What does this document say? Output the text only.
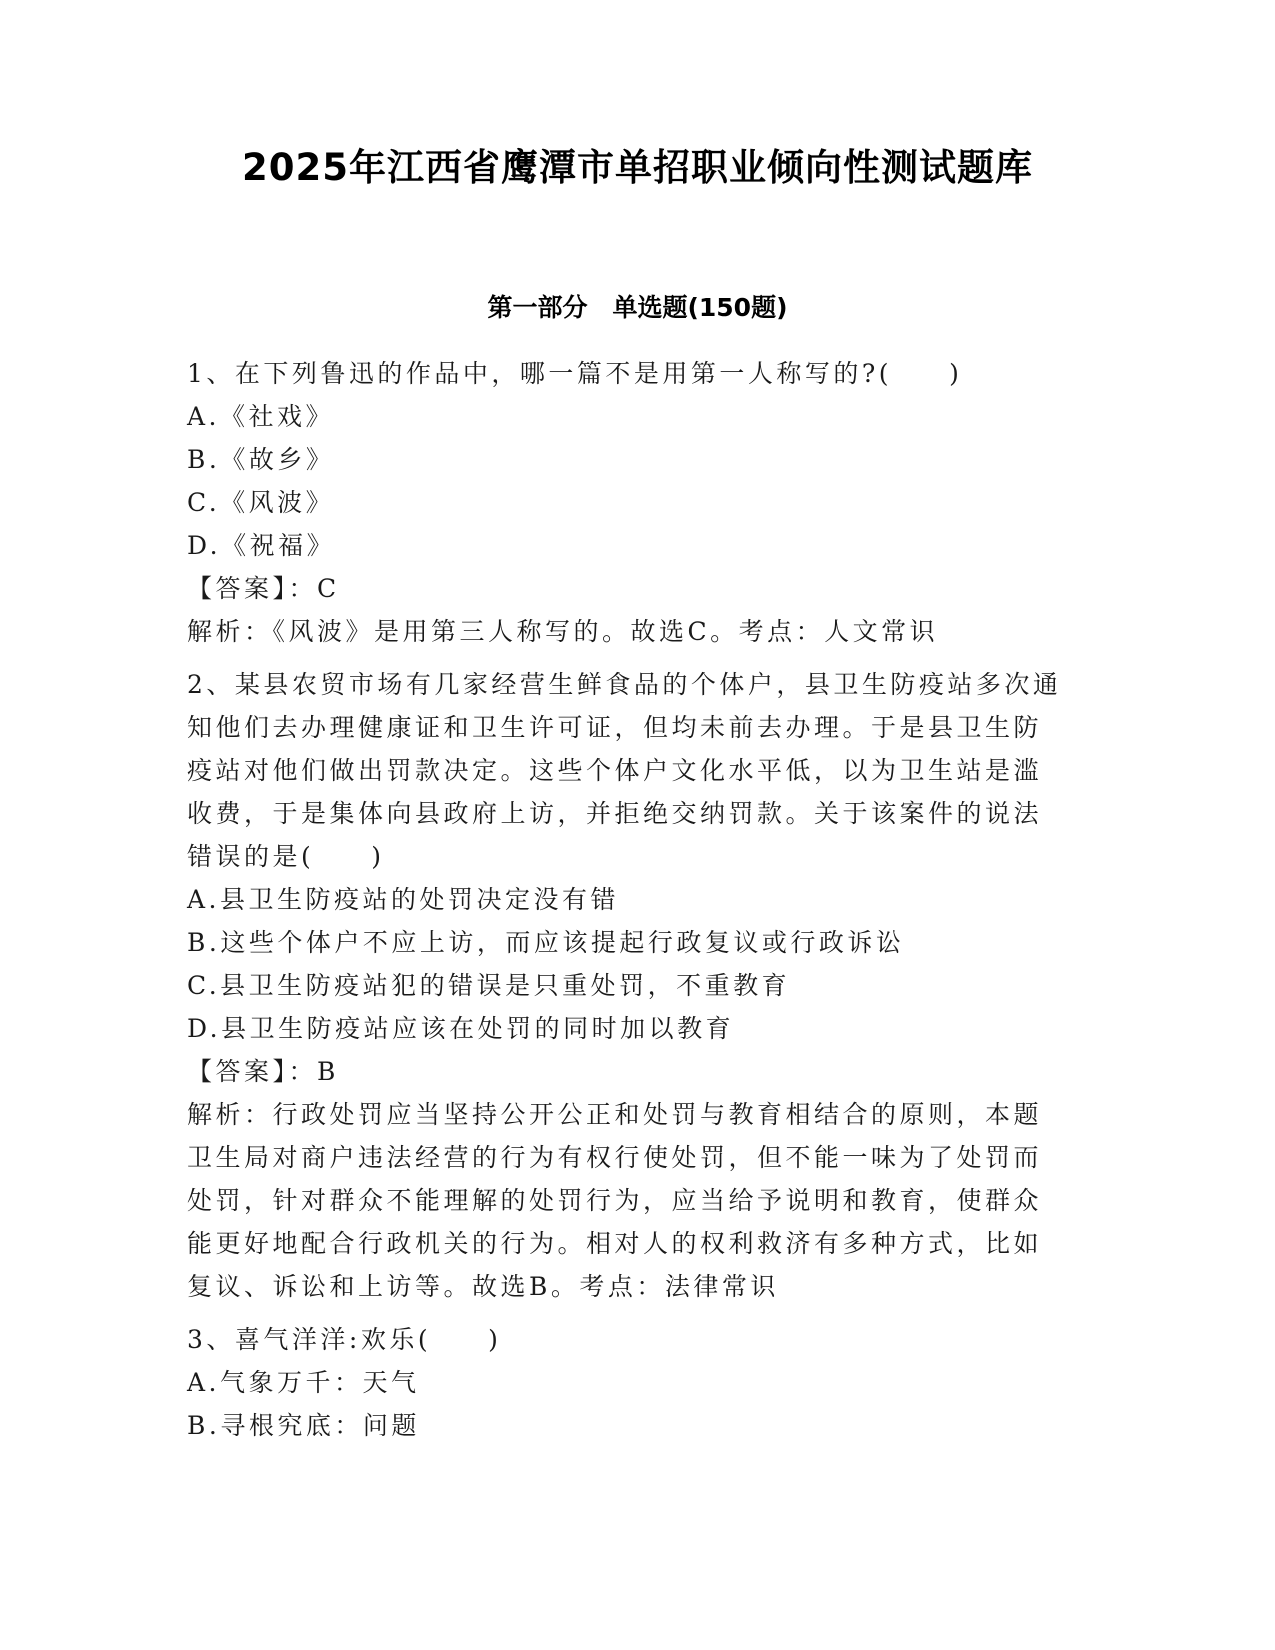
2025年江西省鹰潭市单招职业倾向性测试题库
第一部分　单选题(150题)
1、在下列鲁迅的作品中，哪一篇不是用第一人称写的?(　　)
A.《社戏》
B.《故乡》
C.《风波》
D.《祝福》
【答案】：C
解析：《风波》是用第三人称写的。故选C。考点：人文常识
2、某县农贸市场有几家经营生鲜食品的个体户，县卫生防疫站多次通
知他们去办理健康证和卫生许可证，但均未前去办理。于是县卫生防
疫站对他们做出罚款决定。这些个体户文化水平低，以为卫生站是滥
收费，于是集体向县政府上访，并拒绝交纳罚款。关于该案件的说法
错误的是(　　)
A.县卫生防疫站的处罚决定没有错
B.这些个体户不应上访，而应该提起行政复议或行政诉讼
C.县卫生防疫站犯的错误是只重处罚，不重教育
D.县卫生防疫站应该在处罚的同时加以教育
【答案】：B
解析：行政处罚应当坚持公开公正和处罚与教育相结合的原则，本题
卫生局对商户违法经营的行为有权行使处罚，但不能一味为了处罚而
处罚，针对群众不能理解的处罚行为，应当给予说明和教育，使群众
能更好地配合行政机关的行为。相对人的权利救济有多种方式，比如
复议、诉讼和上访等。故选B。考点：法律常识
3、喜气洋洋:欢乐(　　)
A.气象万千：天气
B.寻根究底：问题
